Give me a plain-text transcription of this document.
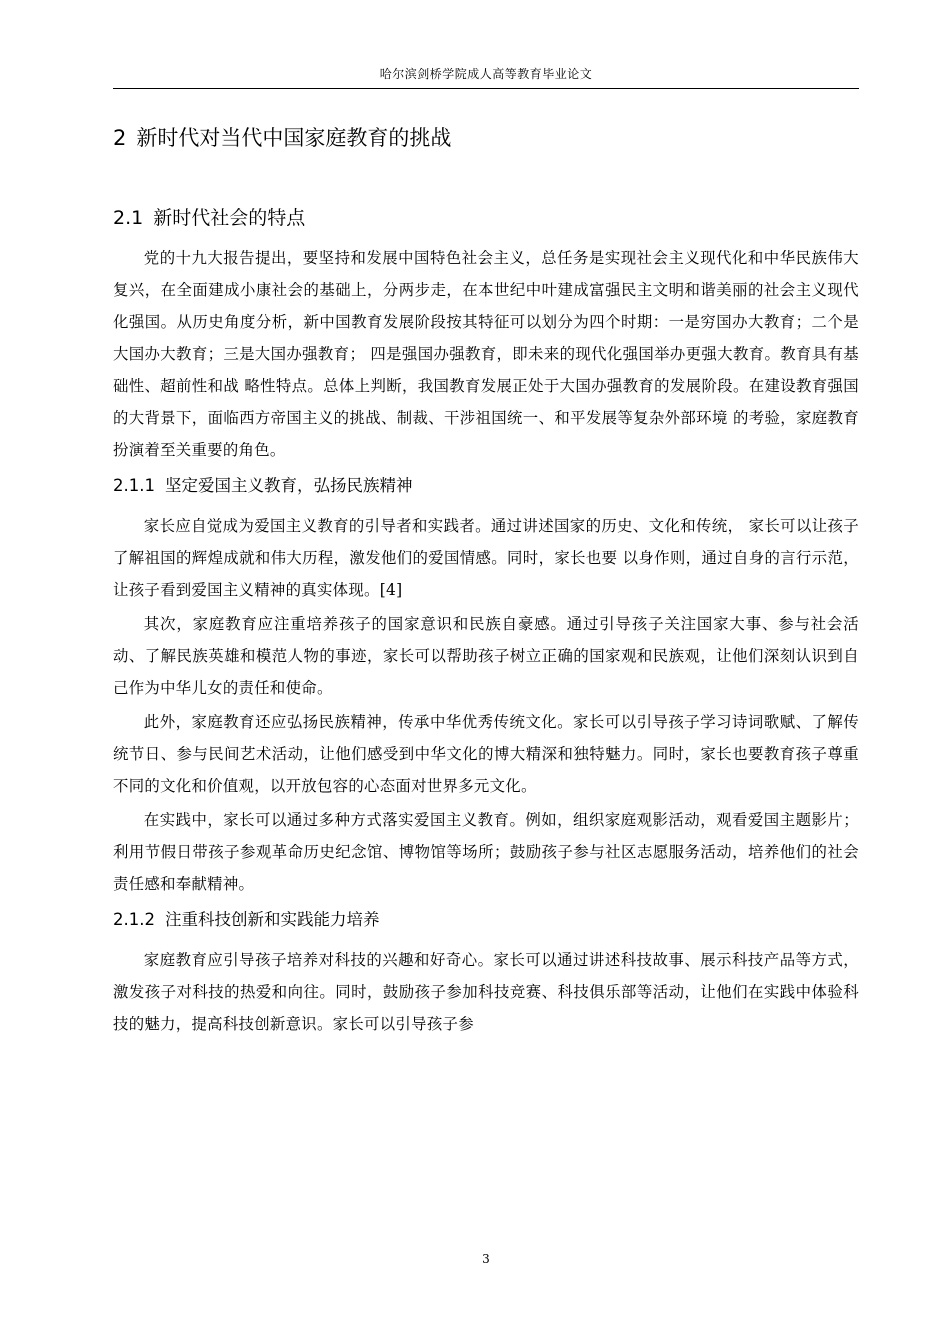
哈尔滨剑桥学院成人高等教育毕业论文
2 新时代对当代中国家庭教育的挑战
2.1 新时代社会的特点

党的十九大报告提出，要坚持和发展中国特色社会主义，总任务是实现社会主义现代化和中华民族伟大复兴，在全面建成小康社会的基础上，分两步走，在本世纪中叶建成富强民主文明和谐美丽的社会主义现代化强国。从历史角度分析，新中国教育发展阶段按其特征可以划分为四个时期：一是穷国办大教育；二个是大国办大教育；三是大国办强教育； 四是强国办强教育，即未来的现代化强国举办更强大教育。教育具有基础性、超前性和战 略性特点。总体上判断，我国教育发展正处于大国办强教育的发展阶段。在建设教育强国 的大背景下，面临西方帝国主义的挑战、制裁、干涉祖国统一、和平发展等复杂外部环境 的考验，家庭教育扮演着至关重要的角色。

2.1.1 坚定爱国主义教育，弘扬民族精神

家长应自觉成为爱国主义教育的引导者和实践者。通过讲述国家的历史、文化和传统， 家长可以让孩子了解祖国的辉煌成就和伟大历程，激发他们的爱国情感。同时，家长也要 以身作则，通过自身的言行示范，让孩子看到爱国主义精神的真实体现。[4]

其次，家庭教育应注重培养孩子的国家意识和民族自豪感。通过引导孩子关注国家大事、参与社会活动、了解民族英雄和模范人物的事迹，家长可以帮助孩子树立正确的国家观和民族观，让他们深刻认识到自己作为中华儿女的责任和使命。

此外，家庭教育还应弘扬民族精神，传承中华优秀传统文化。家长可以引导孩子学习诗词歌赋、了解传统节日、参与民间艺术活动，让他们感受到中华文化的博大精深和独特魅力。同时，家长也要教育孩子尊重不同的文化和价值观，以开放包容的心态面对世界多元文化。

在实践中，家长可以通过多种方式落实爱国主义教育。例如，组织家庭观影活动，观看爱国主题影片；利用节假日带孩子参观革命历史纪念馆、博物馆等场所；鼓励孩子参与社区志愿服务活动，培养他们的社会责任感和奉献精神。

2.1.2 注重科技创新和实践能力培养

家庭教育应引导孩子培养对科技的兴趣和好奇心。家长可以通过讲述科技故事、展示科技产品等方式，激发孩子对科技的热爱和向往。同时，鼓励孩子参加科技竞赛、科技俱乐部等活动，让他们在实践中体验科技的魅力，提高科技创新意识。家长可以引导孩子参

3
